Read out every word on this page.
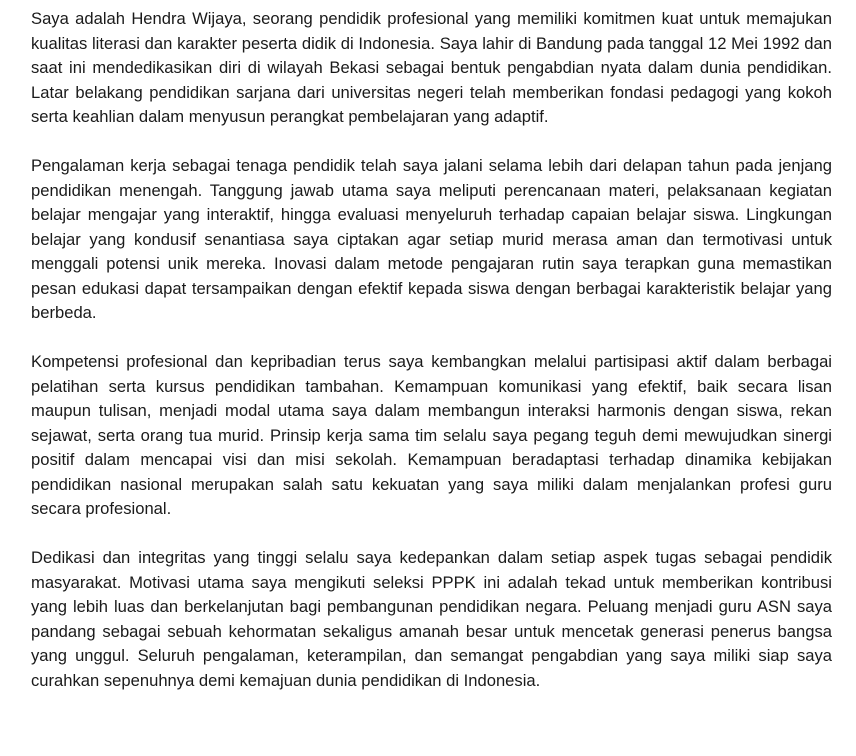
Saya adalah Hendra Wijaya, seorang pendidik profesional yang memiliki komitmen kuat untuk memajukan kualitas literasi dan karakter peserta didik di Indonesia. Saya lahir di Bandung pada tanggal 12 Mei 1992 dan saat ini mendedikasikan diri di wilayah Bekasi sebagai bentuk pengabdian nyata dalam dunia pendidikan. Latar belakang pendidikan sarjana dari universitas negeri telah memberikan fondasi pedagogi yang kokoh serta keahlian dalam menyusun perangkat pembelajaran yang adaptif.

Pengalaman kerja sebagai tenaga pendidik telah saya jalani selama lebih dari delapan tahun pada jenjang pendidikan menengah. Tanggung jawab utama saya meliputi perencanaan materi, pelaksanaan kegiatan belajar mengajar yang interaktif, hingga evaluasi menyeluruh terhadap capaian belajar siswa. Lingkungan belajar yang kondusif senantiasa saya ciptakan agar setiap murid merasa aman dan termotivasi untuk menggali potensi unik mereka. Inovasi dalam metode pengajaran rutin saya terapkan guna memastikan pesan edukasi dapat tersampaikan dengan efektif kepada siswa dengan berbagai karakteristik belajar yang berbeda.

Kompetensi profesional dan kepribadian terus saya kembangkan melalui partisipasi aktif dalam berbagai pelatihan serta kursus pendidikan tambahan. Kemampuan komunikasi yang efektif, baik secara lisan maupun tulisan, menjadi modal utama saya dalam membangun interaksi harmonis dengan siswa, rekan sejawat, serta orang tua murid. Prinsip kerja sama tim selalu saya pegang teguh demi mewujudkan sinergi positif dalam mencapai visi dan misi sekolah. Kemampuan beradaptasi terhadap dinamika kebijakan pendidikan nasional merupakan salah satu kekuatan yang saya miliki dalam menjalankan profesi guru secara profesional.

Dedikasi dan integritas yang tinggi selalu saya kedepankan dalam setiap aspek tugas sebagai pendidik masyarakat. Motivasi utama saya mengikuti seleksi PPPK ini adalah tekad untuk memberikan kontribusi yang lebih luas dan berkelanjutan bagi pembangunan pendidikan negara. Peluang menjadi guru ASN saya pandang sebagai sebuah kehormatan sekaligus amanah besar untuk mencetak generasi penerus bangsa yang unggul. Seluruh pengalaman, keterampilan, dan semangat pengabdian yang saya miliki siap saya curahkan sepenuhnya demi kemajuan dunia pendidikan di Indonesia.
